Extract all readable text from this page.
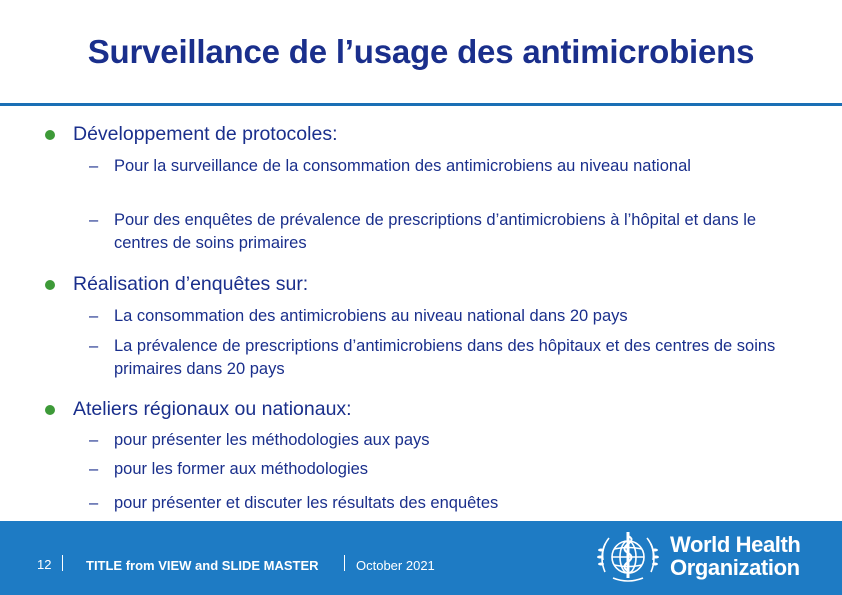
Surveillance de l’usage des antimicrobiens
Développement de protocoles:
– Pour la surveillance de la consommation des antimicrobiens au niveau national
– Pour des enquêtes de prévalence de prescriptions d’antimicrobiens à l’hôpital et dans le centres de soins primaires
Réalisation d’enquêtes sur:
– La consommation des antimicrobiens au niveau national dans 20 pays
– La prévalence de prescriptions d’antimicrobiens dans des hôpitaux et des centres de soins primaires dans 20 pays
Ateliers régionaux ou nationaux:
– pour présenter les méthodologies aux pays
– pour les former aux méthodologies
– pour présenter et discuter les résultats des enquêtes
12	TITLE from VIEW and SLIDE MASTER	October 2021
World Health
Organization
